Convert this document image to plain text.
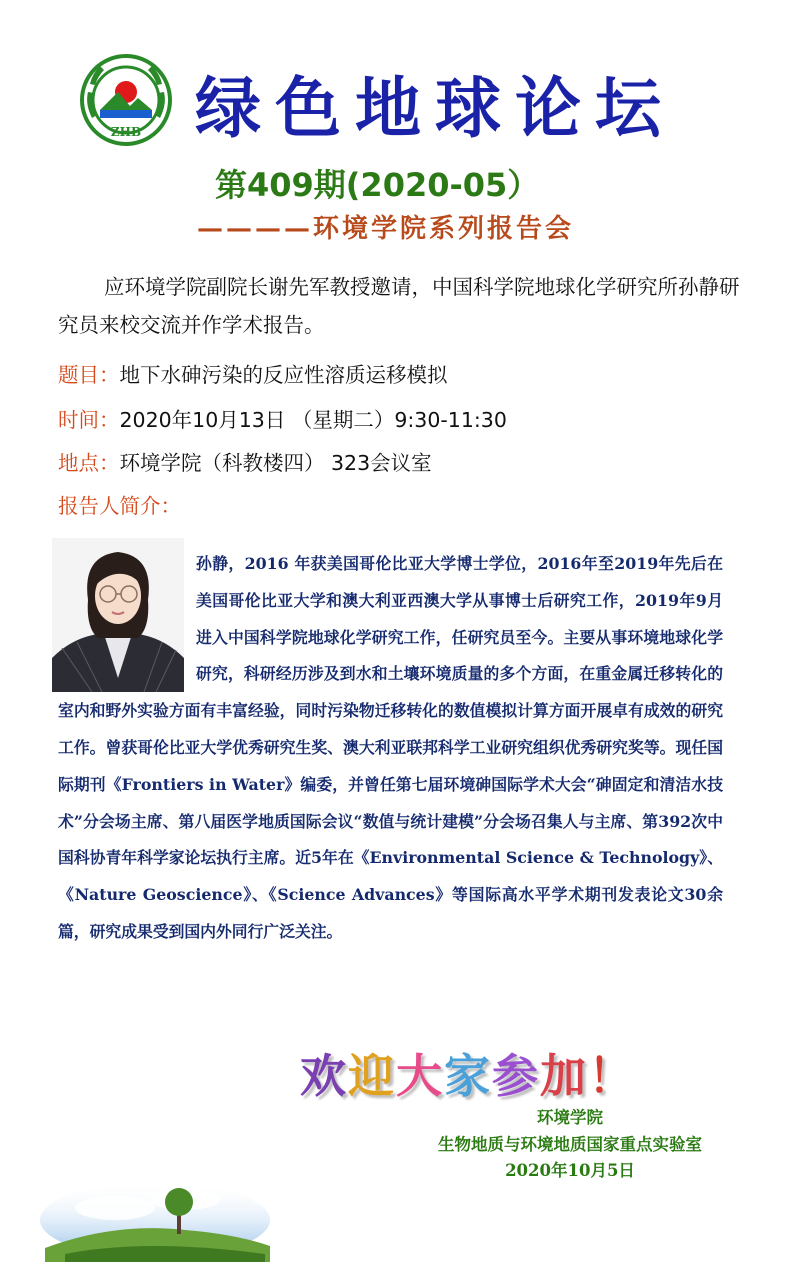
ZHB 绿色地球论坛
第409期(2020-05）
————环境学院系列报告会
应环境学院副院长谢先军教授邀请，中国科学院地球化学研究所孙静研究员来校交流并作学术报告。
题目：地下水砷污染的反应性溶质运移模拟
时间：2020年10月13日 （星期二）9:30-11:30
地点：环境学院（科教楼四） 323会议室
报告人简介：
孙静，2016 年获美国哥伦比亚大学博士学位，2016年至2019年先后在美国哥伦比亚大学和澳大利亚西澳大学从事博士后研究工作，2019年9月进入中国科学院地球化学研究工作，任研究员至今。主要从事环境地球化学研究，科研经历涉及到水和土壤环境质量的多个方面，在重金属迁移转化的室内和野外实验方面有丰富经验，同时污染物迁移转化的数值模拟计算方面开展卓有成效的研究工作。曾获哥伦比亚大学优秀研究生奖、澳大利亚联邦科学工业研究组织优秀研究奖等。现任国际期刊《Frontiers in Water》编委，并曾任第七届环境砷国际学术大会“砷固定和清洁水技术”分会场主席、第八届医学地质国际会议“数值与统计建模”分会场召集人与主席、第392次中国科协青年科学家论坛执行主席。近5年在《Environmental Science & Technology》、《Nature Geoscience》、《Science Advances》等国际高水平学术期刊发表论文30余篇，研究成果受到国内外同行广泛关注。
欢迎大家参加！
环境学院
生物地质与环境地质国家重点实验室
2020年10月5日
